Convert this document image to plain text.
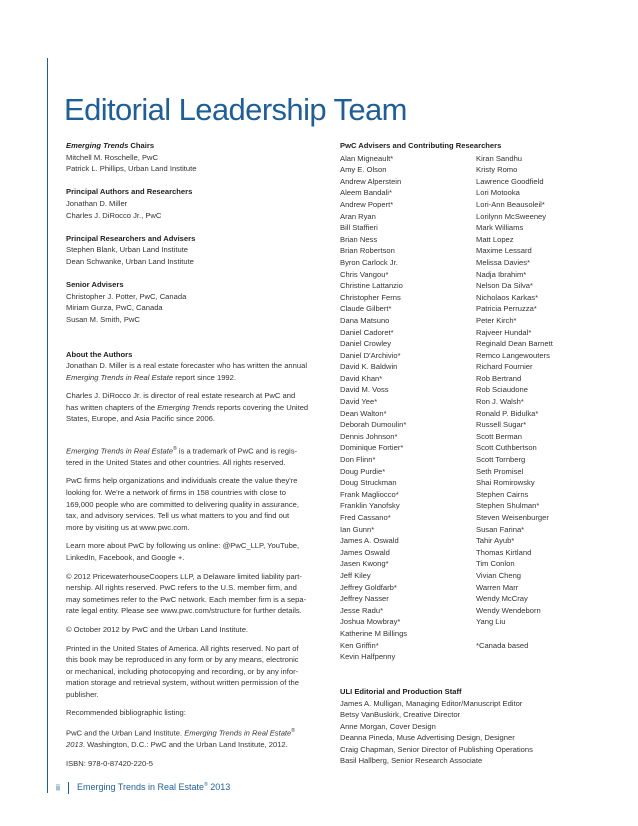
Editorial Leadership Team
Emerging Trends Chairs
Mitchell M. Roschelle, PwC
Patrick L. Phillips, Urban Land Institute
Principal Authors and Researchers
Jonathan D. Miller
Charles J. DiRocco Jr., PwC
Principal Researchers and Advisers
Stephen Blank, Urban Land Institute
Dean Schwanke, Urban Land Institute
Senior Advisers
Christopher J. Potter, PwC, Canada
Miriam Gurza, PwC, Canada
Susan M. Smith, PwC
About the Authors
Jonathan D. Miller is a real estate forecaster who has written the annual
Emerging Trends in Real Estate report since 1992.
Charles J. DiRocco Jr. is director of real estate research at PwC and
has written chapters of the Emerging Trends reports covering the United
States, Europe, and Asia Pacific since 2006.
Emerging Trends in Real Estate® is a trademark of PwC and is regis-
tered in the United States and other countries. All rights reserved.
PwC firms help organizations and individuals create the value they're
looking for. We're a network of firms in 158 countries with close to
169,000 people who are committed to delivering quality in assurance,
tax, and advisory services. Tell us what matters to you and find out
more by visiting us at www.pwc.com.
Learn more about PwC by following us online: @PwC_LLP, YouTube,
LinkedIn, Facebook, and Google +.
© 2012 PricewaterhouseCoopers LLP, a Delaware limited liability part-
nership. All rights reserved. PwC refers to the U.S. member firm, and
may sometimes refer to the PwC network. Each member firm is a sepa-
rate legal entity. Please see www.pwc.com/structure for further details.
© October 2012 by PwC and the Urban Land Institute.
Printed in the United States of America. All rights reserved. No part of
this book may be reproduced in any form or by any means, electronic
or mechanical, including photocopying and recording, or by any infor-
mation storage and retrieval system, without written permission of the
publisher.
Recommended bibliographic listing:
PwC and the Urban Land Institute. Emerging Trends in Real Estate®
2013. Washington, D.C.: PwC and the Urban Land Institute, 2012.
ISBN: 978-0-87420-220-5
PwC Advisers and Contributing Researchers
Alan Migneault*	Kiran Sandhu
Amy E. Olson	Kristy Romo
Andrew Alperstein	Lawrence Goodfield
Aleem Bandali*	Lori Motooka
Andrew Popert*	Lori-Ann Beausoleil*
Aran Ryan	Lorilynn McSweeney
Bill Staffieri	Mark Williams
Brian Ness	Matt Lopez
Brian Robertson	Maxime Lessard
Byron Carlock Jr.	Melissa Davies*
Chris Vangou*	Nadja Ibrahim*
Christine Lattanzio	Nelson Da Silva*
Christopher Ferns	Nicholaos Karkas*
Claude Gilbert*	Patricia Perruzza*
Dana Matsuno	Peter Kirch*
Daniel Cadoret*	Rajveer Hundal*
Daniel Crowley	Reginald Dean Barnett
Daniel D'Archivio*	Remco Langewouters
David K. Baldwin	Richard Fournier
David Khan*	Rob Bertrand
David M. Voss	Rob Sciaudone
David Yee*	Ron J. Walsh*
Dean Walton*	Ronald P. Bidulka*
Deborah Dumoulin*	Russell Sugar*
Dennis Johnson*	Scott Berman
Dominique Fortier*	Scott Cuthbertson
Don Flinn*	Scott Tornberg
Doug Purdie*	Seth Promisel
Doug Struckman	Shai Romirowsky
Frank Magliocco*	Stephen Cairns
Franklin Yanofsky	Stephen Shulman*
Fred Cassano*	Steven Weisenburger
Ian Gunn*	Susan Farina*
James A. Oswald	Tahir Ayub*
James Oswald	Thomas Kirtland
Jasen Kwong*	Tim Conlon
Jeff Kiley	Vivian Cheng
Jeffrey Goldfarb*	Warren Marr
Jeffrey Nasser	Wendy McCray
Jesse Radu*	Wendy Wendeborn
Joshua Mowbray*	Yang Liu
Katherine M Billings

Ken Griffin*	*Canada based
Kevin Halfpenny

ULI Editorial and Production Staff
James A. Mulligan, Managing Editor/Manuscript Editor
Betsy VanBuskirk, Creative Director
Anne Morgan, Cover Design
Deanna Pineda, Muse Advertising Design, Designer
Craig Chapman, Senior Director of Publishing Operations
Basil Hallberg, Senior Research Associate
ii Emerging Trends in Real Estate® 2013
